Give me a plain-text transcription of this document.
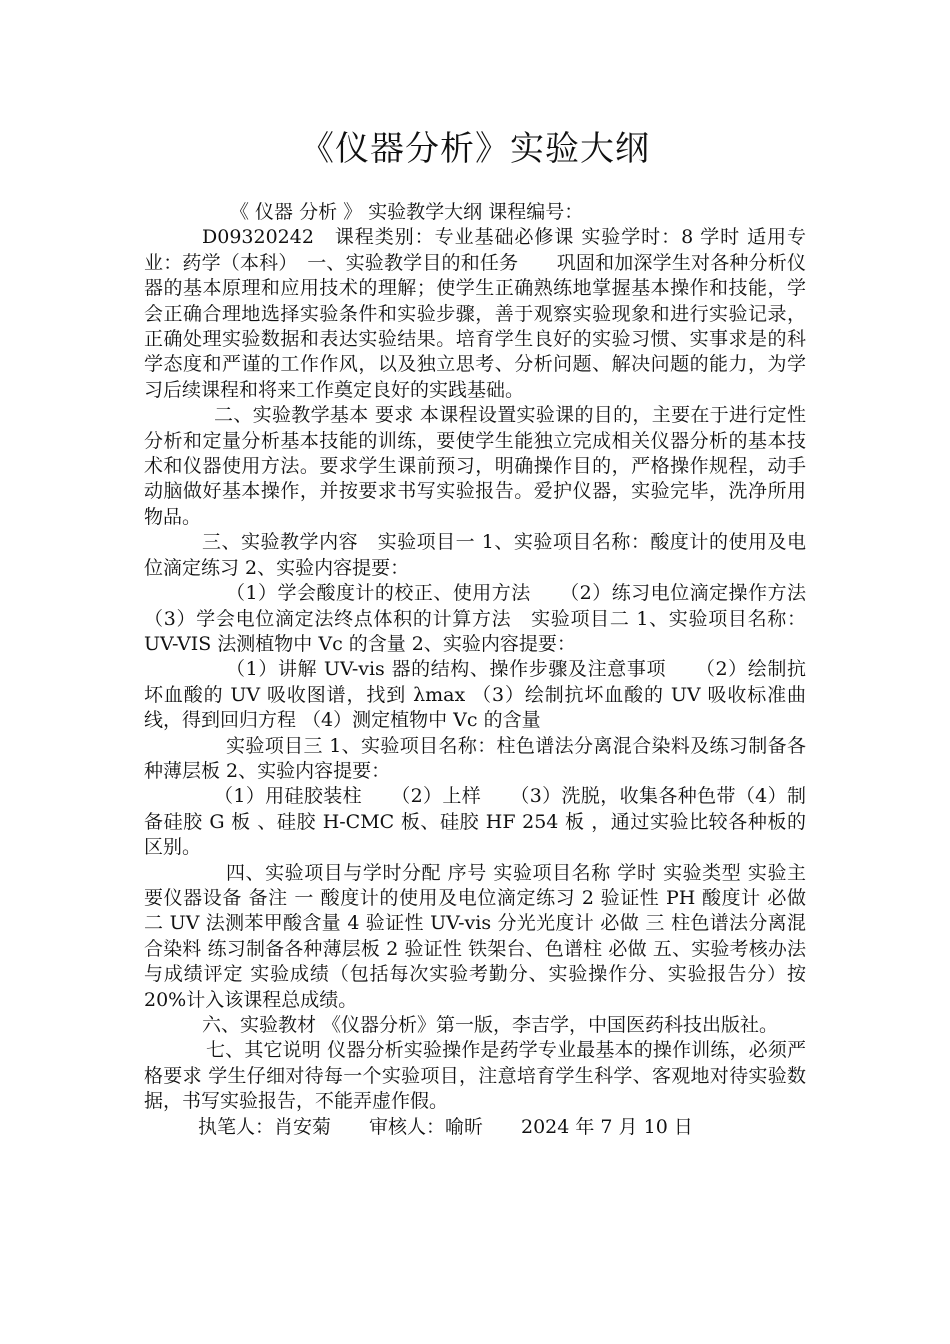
《仪器分析》实验大纲

《 仪器 分析 》 实验教学大纲 课程编号：

D09320242　课程类别：专业基础必修课 实验学时：8 学时 适用专业：药学（本科）　一、实验教学目的和任务　　巩固和加深学生对各种分析仪器的基本原理和应用技术的理解；使学生正确熟练地掌握基本操作和技能，学会正确合理地选择实验条件和实验步骤，善于观察实验现象和进行实验记录，正确处理实验数据和表达实验结果。培育学生良好的实验习惯、实事求是的科学态度和严谨的工作作风，以及独立思考、分析问题、解决问题的能力，为学习后续课程和将来工作奠定良好的实践基础。

二、实验教学基本 要求 本课程设置实验课的目的，主要在于进行定性分析和定量分析基本技能的训练，要使学生能独立完成相关仪器分析的基本技术和仪器使用方法。要求学生课前预习，明确操作目的，严格操作规程，动手动脑做好基本操作，并按要求书写实验报告。爱护仪器，实验完毕，洗净所用物品。

三、实验教学内容　实验项目一 1、实验项目名称：酸度计的使用及电位滴定练习 2、实验内容提要：

（1）学会酸度计的校正、使用方法　　（2）练习电位滴定操作方法 （3）学会电位滴定法终点体积的计算方法　实验项目二 1、实验项目名称：UV-VIS 法测植物中 Vc 的含量 2、实验内容提要：

（1）讲解 UV-vis 器的结构、操作步骤及注意事项　　（2）绘制抗坏血酸的 UV 吸收图谱，找到 λmax （3）绘制抗坏血酸的 UV 吸收标准曲线，得到回归方程 （4）测定植物中 Vc 的含量

实验项目三 1、实验项目名称：柱色谱法分离混合染料及练习制备各种薄层板 2、实验内容提要：

（1）用硅胶装柱　　（2）上样　　（3）洗脱，收集各种色带（4）制备硅胶 G 板 、硅胶 H-CMC 板、硅胶 HF 254 板 ，通过实验比较各种板的区别。

四、实验项目与学时分配 序号 实验项目名称 学时 实验类型 实验主要仪器设备 备注 一 酸度计的使用及电位滴定练习 2 验证性 PH 酸度计 必做 二 UV 法测苯甲酸含量 4 验证性 UV-vis 分光光度计 必做 三 柱色谱法分离混合染料 练习制备各种薄层板 2 验证性 铁架台、色谱柱 必做 五、实验考核办法与成绩评定 实验成绩（包括每次实验考勤分、实验操作分、实验报告分）按 20%计入该课程总成绩。

六、实验教材 《仪器分析》第一版，李吉学，中国医药科技出版社。

七、其它说明 仪器分析实验操作是药学专业最基本的操作训练，必须严格要求 学生仔细对待每一个实验项目，注意培育学生科学、客观地对待实验数据，书写实验报告，不能弄虚作假。

执笔人：肖安菊　　审核人：喻昕　　2024 年 7 月 10 日
